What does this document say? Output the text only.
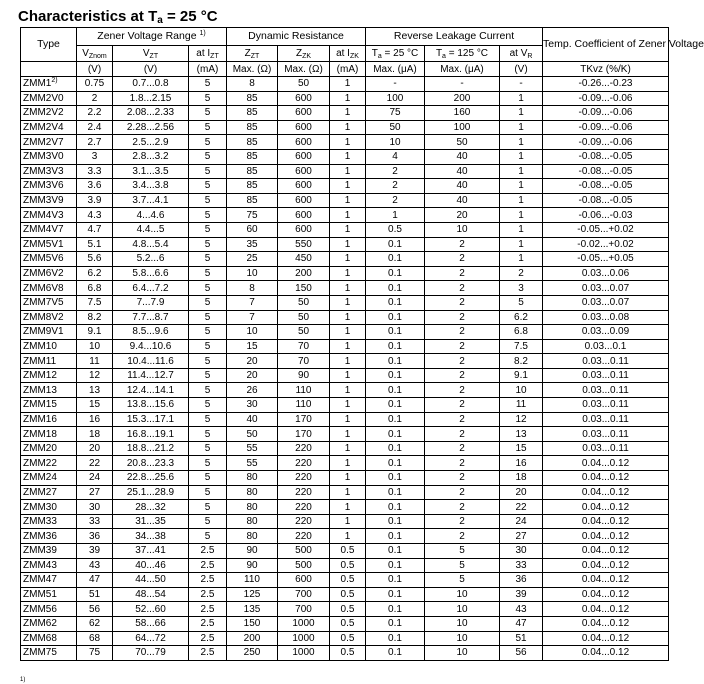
Characteristics at $T_a = 25$ °C
Type	Zener Voltage Range $^{1)}$			Dynamic Resistance			Reverse Leakage Current			Temp. Coefficient of Zener Voltage
	$V_{Znom}$	$V_{ZT}$	at $I_{ZT}$	$Z_{ZT}$	$Z_{ZK}$	at $I_{ZK}$	$T_a = 25$ °C	$T_a = 125$ °C	at $V_R$
	(V)	(V)	(mA)	Max. (Ω)	Max. (Ω)	(mA)	Max. (μA)	Max. (μA)	(V)	TKvz (%/K)
ZMM1$^{2)}$	0.75	0.7...0.8	5	8	50	1	-	-	-	-0.26...-0.23
ZMM2V0	2	1.8...2.15	5	85	600	1	100	200	1	-0.09...-0.06
ZMM2V2	2.2	2.08...2.33	5	85	600	1	75	160	1	-0.09...-0.06
ZMM2V4	2.4	2.28...2.56	5	85	600	1	50	100	1	-0.09...-0.06
ZMM2V7	2.7	2.5...2.9	5	85	600	1	10	50	1	-0.09...-0.06
ZMM3V0	3	2.8...3.2	5	85	600	1	4	40	1	-0.08...-0.05
ZMM3V3	3.3	3.1...3.5	5	85	600	1	2	40	1	-0.08...-0.05
ZMM3V6	3.6	3.4...3.8	5	85	600	1	2	40	1	-0.08...-0.05
ZMM3V9	3.9	3.7...4.1	5	85	600	1	2	40	1	-0.08...-0.05
ZMM4V3	4.3	4...4.6	5	75	600	1	1	20	1	-0.06...-0.03
ZMM4V7	4.7	4.4...5	5	60	600	1	0.5	10	1	-0.05...+0.02
ZMM5V1	5.1	4.8...5.4	5	35	550	1	0.1	2	1	-0.02...+0.02
ZMM5V6	5.6	5.2...6	5	25	450	1	0.1	2	1	-0.05...+0.05
ZMM6V2	6.2	5.8...6.6	5	10	200	1	0.1	2	2	0.03...0.06
ZMM6V8	6.8	6.4...7.2	5	8	150	1	0.1	2	3	0.03...0.07
ZMM7V5	7.5	7...7.9	5	7	50	1	0.1	2	5	0.03...0.07
ZMM8V2	8.2	7.7...8.7	5	7	50	1	0.1	2	6.2	0.03...0.08
ZMM9V1	9.1	8.5...9.6	5	10	50	1	0.1	2	6.8	0.03...0.09
ZMM10	10	9.4...10.6	5	15	70	1	0.1	2	7.5	0.03...0.1
ZMM11	11	10.4...11.6	5	20	70	1	0.1	2	8.2	0.03...0.11
ZMM12	12	11.4...12.7	5	20	90	1	0.1	2	9.1	0.03...0.11
ZMM13	13	12.4...14.1	5	26	110	1	0.1	2	10	0.03...0.11
ZMM15	15	13.8...15.6	5	30	110	1	0.1	2	11	0.03...0.11
ZMM16	16	15.3...17.1	5	40	170	1	0.1	2	12	0.03...0.11
ZMM18	18	16.8...19.1	5	50	170	1	0.1	2	13	0.03...0.11
ZMM20	20	18.8...21.2	5	55	220	1	0.1	2	15	0.03...0.11
ZMM22	22	20.8...23.3	5	55	220	1	0.1	2	16	0.04...0.12
ZMM24	24	22.8...25.6	5	80	220	1	0.1	2	18	0.04...0.12
ZMM27	27	25.1...28.9	5	80	220	1	0.1	2	20	0.04...0.12
ZMM30	30	28...32	5	80	220	1	0.1	2	22	0.04...0.12
ZMM33	33	31...35	5	80	220	1	0.1	2	24	0.04...0.12
ZMM36	36	34...38	5	80	220	1	0.1	2	27	0.04...0.12
ZMM39	39	37...41	2.5	90	500	0.5	0.1	5	30	0.04...0.12
ZMM43	43	40...46	2.5	90	500	0.5	0.1	5	33	0.04...0.12
ZMM47	47	44...50	2.5	110	600	0.5	0.1	5	36	0.04...0.12
ZMM51	51	48...54	2.5	125	700	0.5	0.1	10	39	0.04...0.12
ZMM56	56	52...60	2.5	135	700	0.5	0.1	10	43	0.04...0.12
ZMM62	62	58...66	2.5	150	1000	0.5	0.1	10	47	0.04...0.12
ZMM68	68	64...72	2.5	200	1000	0.5	0.1	10	51	0.04...0.12
ZMM75	75	70...79	2.5	250	1000	0.5	0.1	10	56	0.04...0.12
1)
